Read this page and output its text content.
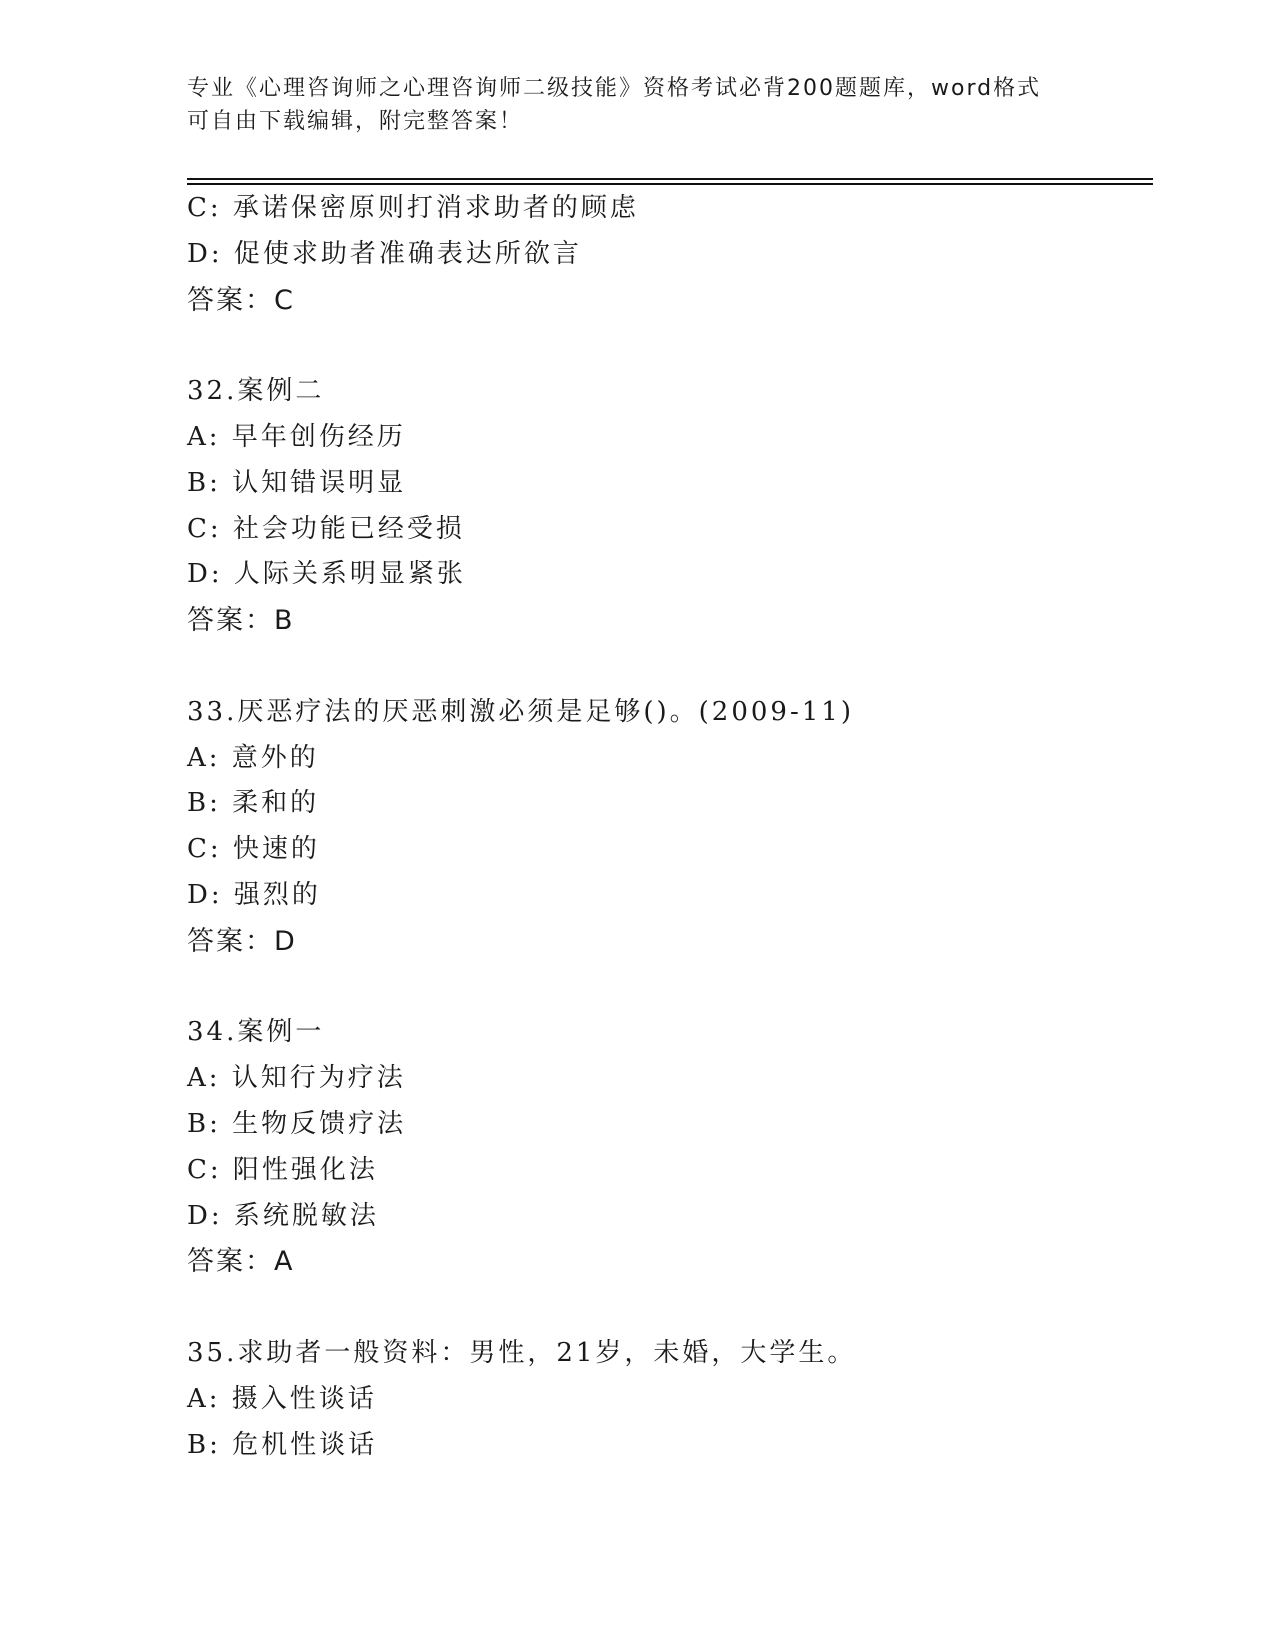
专业《心理咨询师之心理咨询师二级技能》资格考试必背200题题库，word格式
可自由下载编辑，附完整答案！
C: 承诺保密原则打消求助者的顾虑
D: 促使求助者准确表达所欲言
答案：C
32.案例二
A: 早年创伤经历
B: 认知错误明显
C: 社会功能已经受损
D: 人际关系明显紧张
答案：B
33.厌恶疗法的厌恶刺激必须是足够()。(2009-11)
A: 意外的
B: 柔和的
C: 快速的
D: 强烈的
答案：D
34.案例一
A: 认知行为疗法
B: 生物反馈疗法
C: 阳性强化法
D: 系统脱敏法
答案：A
35.求助者一般资料：男性，21岁，未婚，大学生。
A: 摄入性谈话
B: 危机性谈话
